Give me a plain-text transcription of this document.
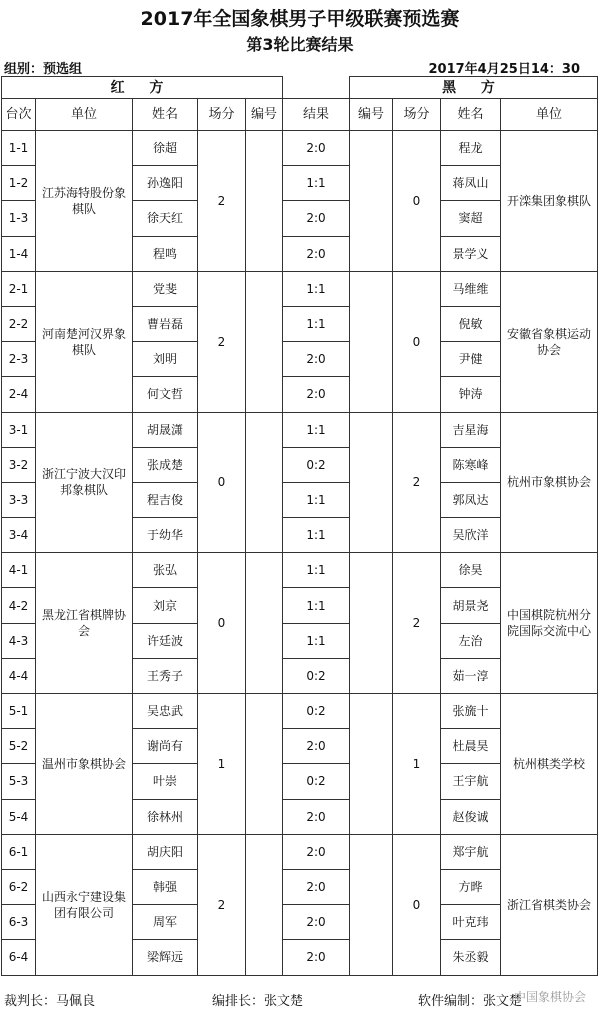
2017年全国象棋男子甲级联赛预选赛
第3轮比赛结果
组别：预选组	2017年4月25日14：30
红 方						黑 方			
台次	单位	姓名	场分	编号	结果	编号	场分	姓名	单位
1-1	江苏海特股份象棋队	徐超	2		2:0		0	程龙	开滦集团象棋队
1-2		孙逸阳			1:1			蒋凤山	
1-3		徐天红			2:0			窦超	
1-4		程鸣			2:0			景学义	
2-1	河南楚河汉界象棋队	党斐	2		1:1		0	马维维	安徽省象棋运动协会
2-2		曹岩磊			1:1			倪敏	
2-3		刘明			2:0			尹健	
2-4		何文哲			2:0			钟涛	
3-1	浙江宁波大汉印邦象棋队	胡晟潇	0		1:1		2	吉星海	杭州市象棋协会
3-2		张成楚			0:2			陈寒峰	
3-3		程吉俊			1:1			郭凤达	
3-4		于幼华			1:1			吴欣洋	
4-1	黑龙江省棋牌协会	张弘	0		1:1		2	徐昊	中国棋院杭州分院国际交流中心
4-2		刘京			1:1			胡景尧	
4-3		许廷波			1:1			左治	
4-4		王秀子			0:2			茹一淳	
5-1	温州市象棋协会	吴忠武	1		0:2		1	张旒十	杭州棋类学校
5-2		谢尚有			2:0			杜晨昊	
5-3		叶崇			0:2			王宇航	
5-4		徐林州			2:0			赵俊诚	
6-1	山西永宁建设集团有限公司	胡庆阳	2		2:0		0	郑宇航	浙江省棋类协会
6-2		韩强			2:0			方晔	
6-3		周军			2:0			叶克玮	
6-4		梁辉远			2:0			朱丞毅	
裁判长：马佩良	编排长：张文楚	软件编制：张文楚
中国象棋协会
